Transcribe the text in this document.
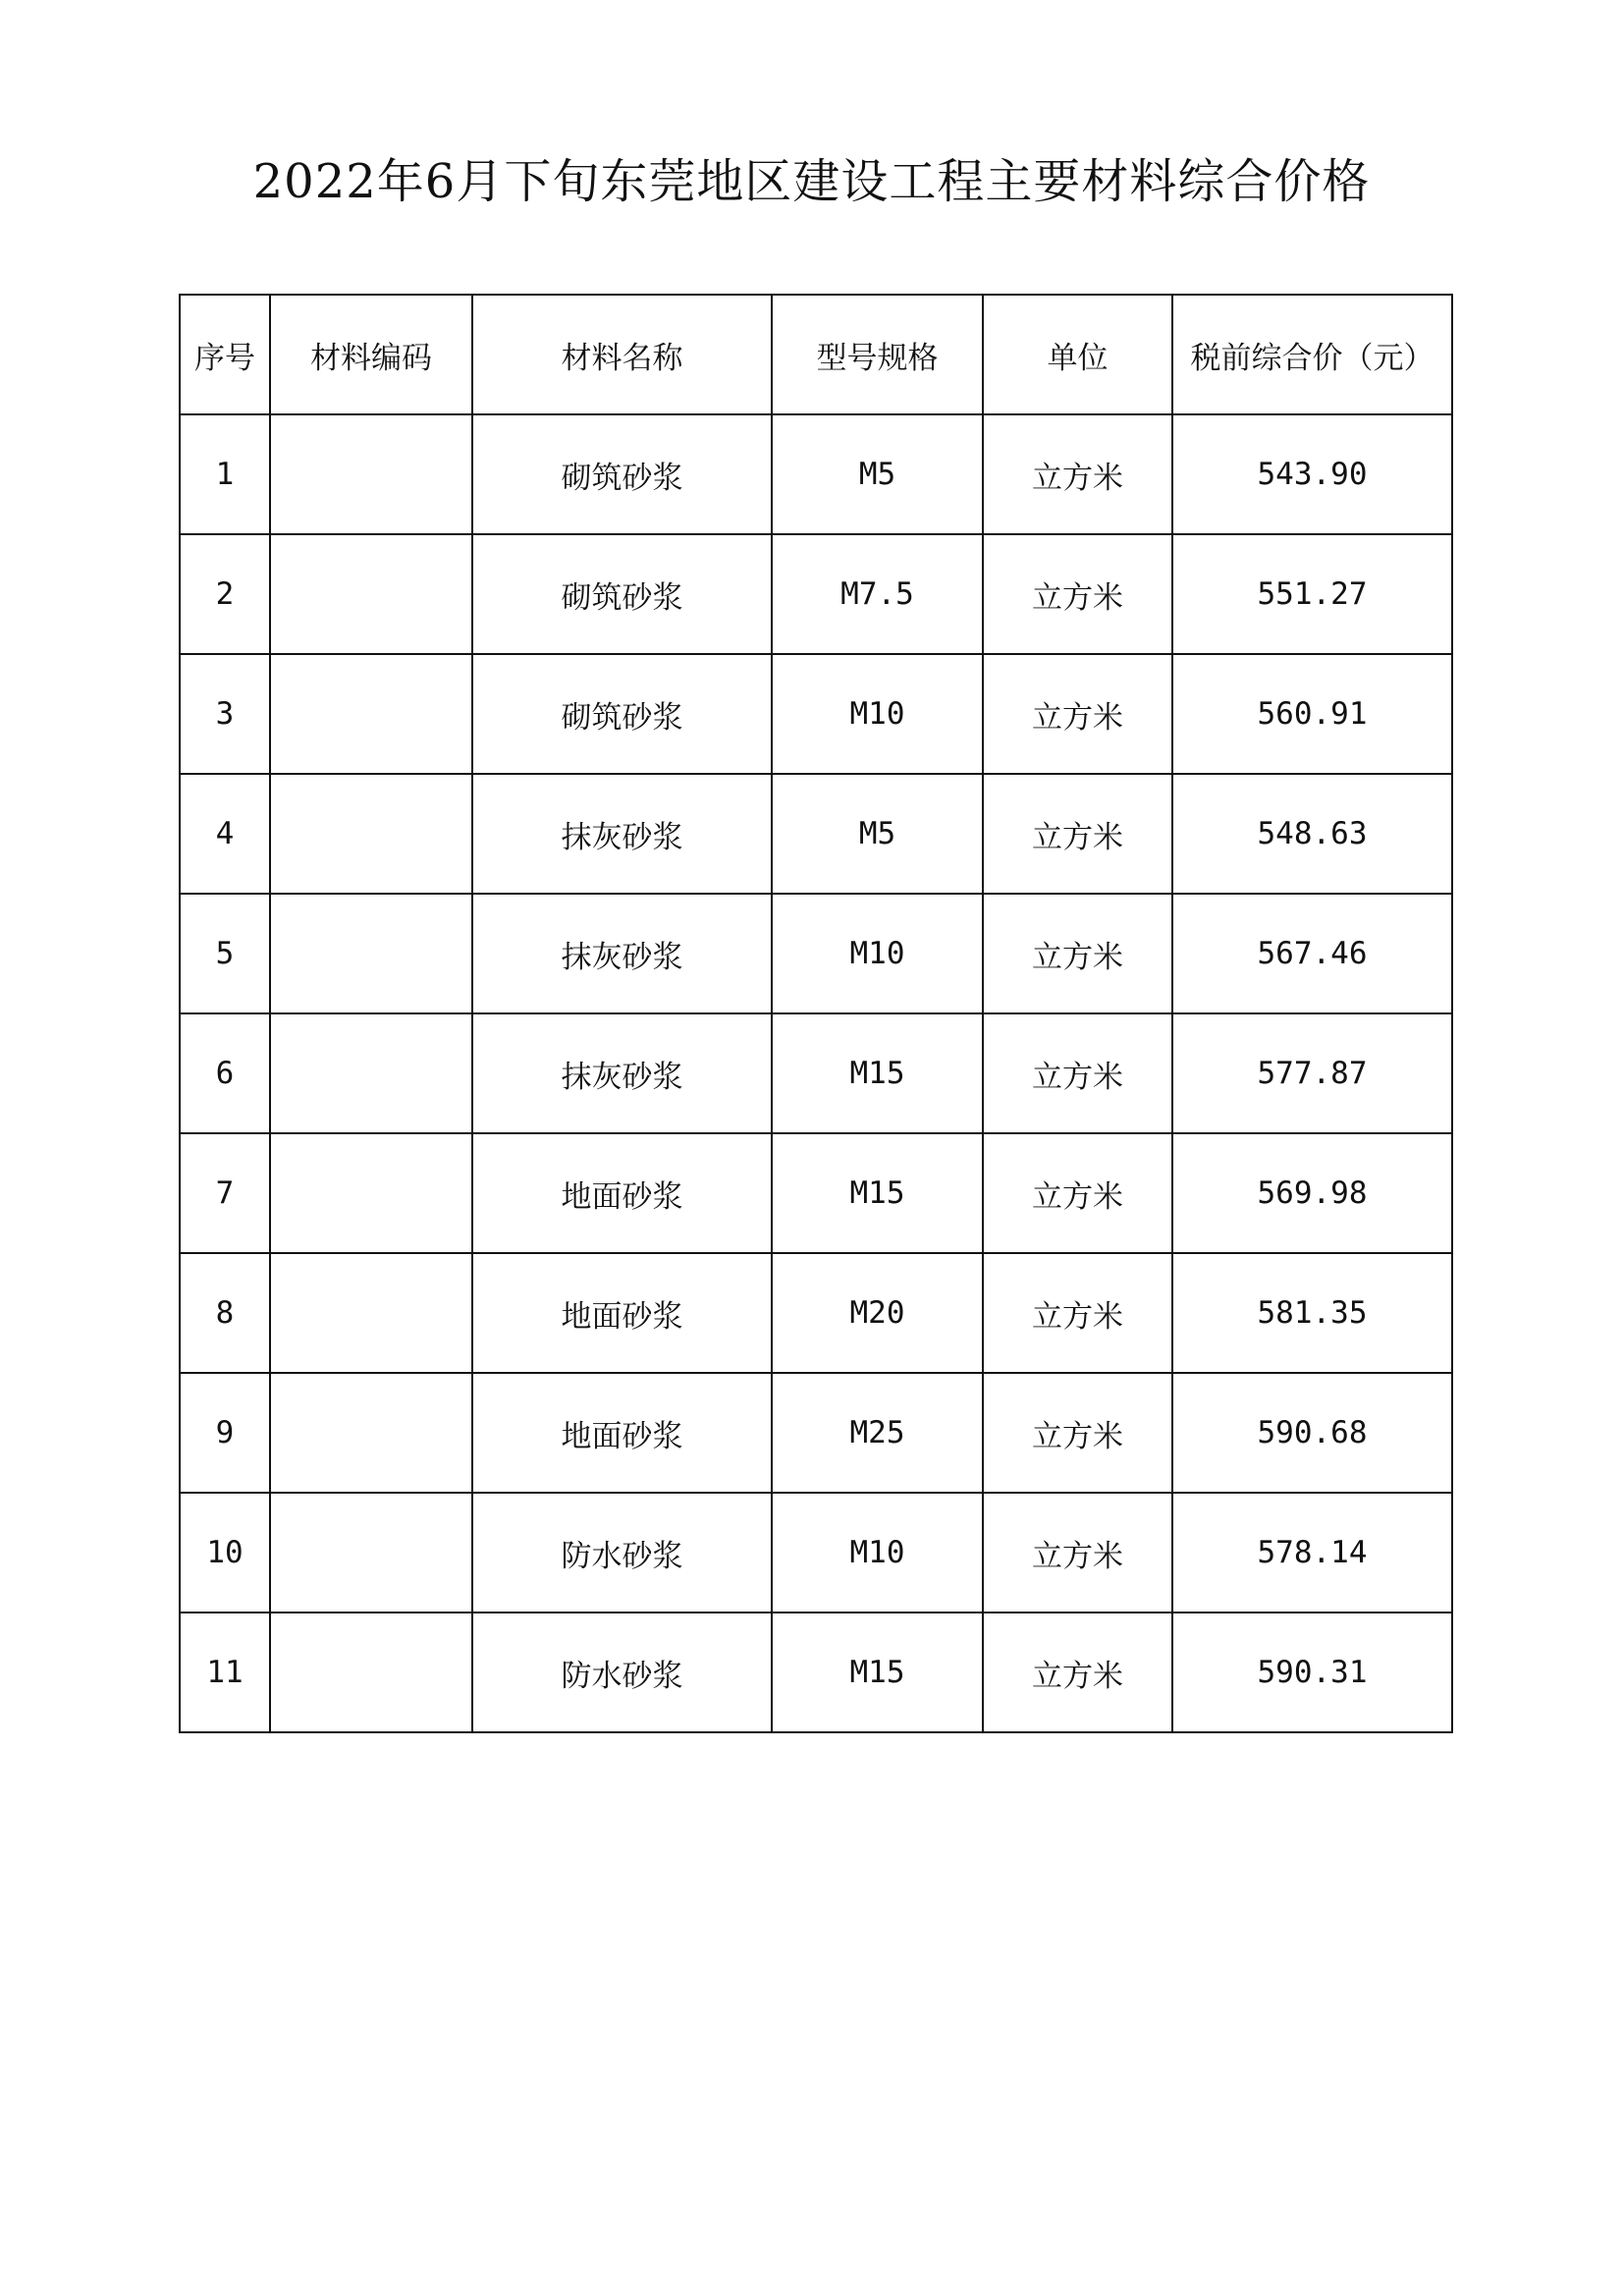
2022年6月下旬东莞地区建设工程主要材料综合价格
序号	材料编码	材料名称	型号规格	单位	税前综合价（元）
1		砌筑砂浆	M5	立方米	543.90
2		砌筑砂浆	M7.5	立方米	551.27
3		砌筑砂浆	M10	立方米	560.91
4		抹灰砂浆	M5	立方米	548.63
5		抹灰砂浆	M10	立方米	567.46
6		抹灰砂浆	M15	立方米	577.87
7		地面砂浆	M15	立方米	569.98
8		地面砂浆	M20	立方米	581.35
9		地面砂浆	M25	立方米	590.68
10		防水砂浆	M10	立方米	578.14
11		防水砂浆	M15	立方米	590.31
